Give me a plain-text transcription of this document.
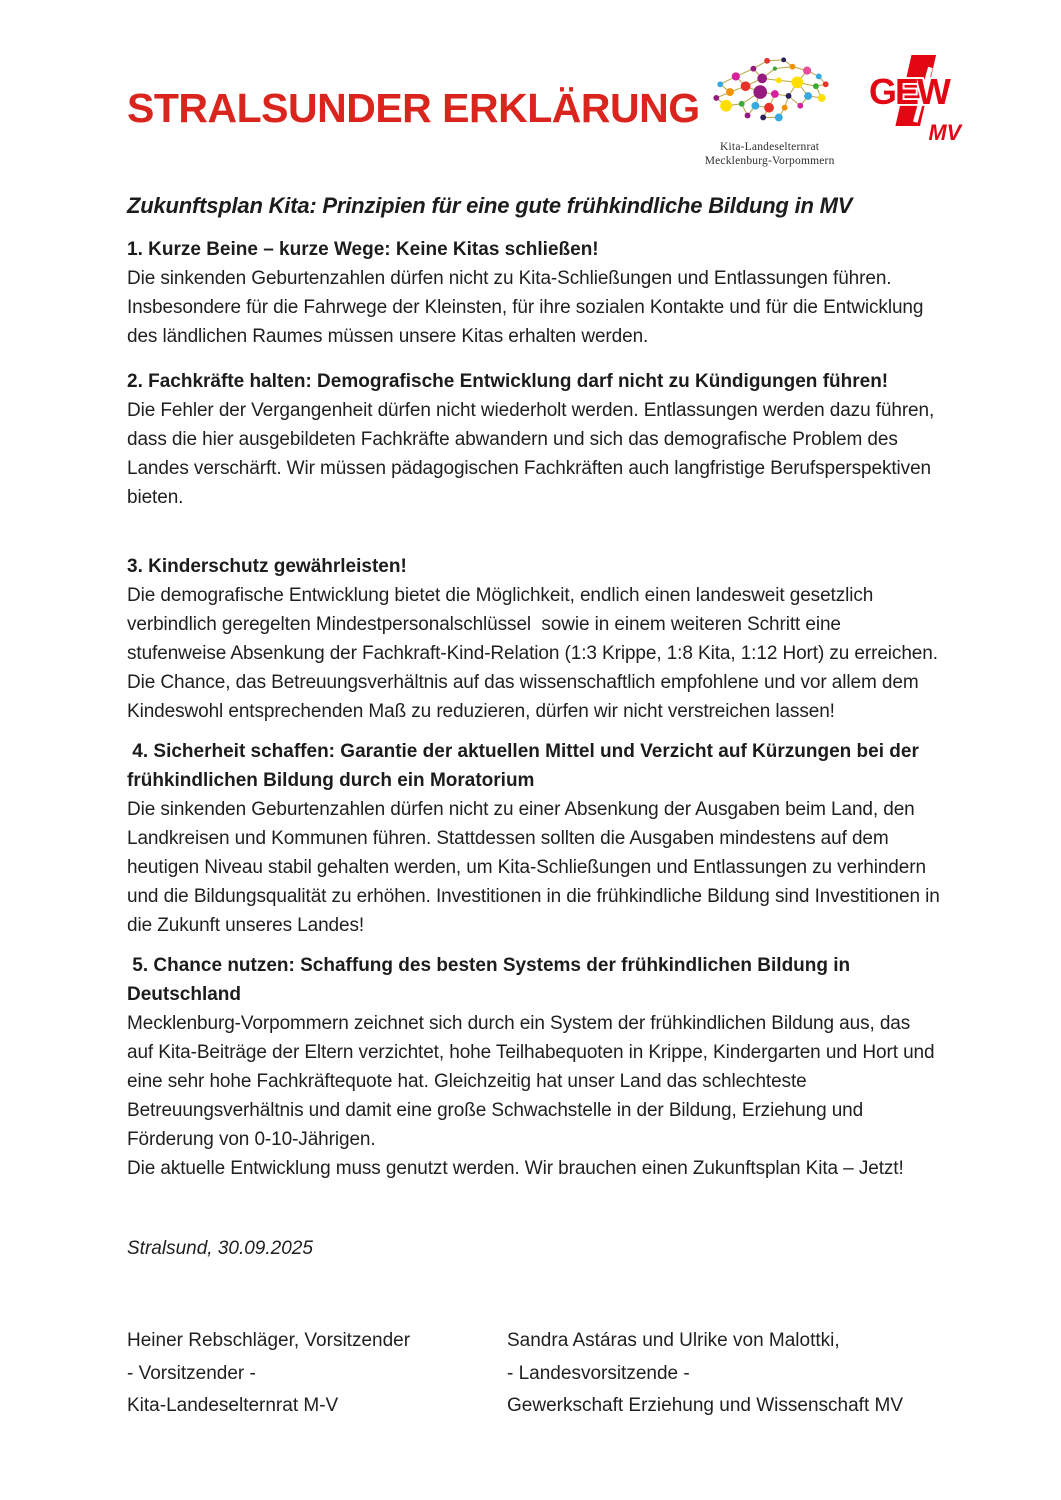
STRALSUNDER ERKLÄRUNG
Kita-Landeselternrat
Mecklenburg-Vorpommern
GEW
MV
Zukunftsplan Kita: Prinzipien für eine gute frühkindliche Bildung in MV
1. Kurze Beine – kurze Wege: Keine Kitas schließen!

Die sinkenden Geburtenzahlen dürfen nicht zu Kita-Schließungen und Entlassungen führen. Insbesondere für die Fahrwege der Kleinsten, für ihre sozialen Kontakte und für die Entwicklung des ländlichen Raumes müssen unsere Kitas erhalten werden.

2. Fachkräfte halten: Demografische Entwicklung darf nicht zu Kündigungen führen!

Die Fehler der Vergangenheit dürfen nicht wiederholt werden. Entlassungen werden dazu führen, dass die hier ausgebildeten Fachkräfte abwandern und sich das demografische Problem des Landes verschärft. Wir müssen pädagogischen Fachkräften auch langfristige Berufsperspektiven bieten.

3. Kinderschutz gewährleisten!

Die demografische Entwicklung bietet die Möglichkeit, endlich einen landesweit gesetzlich verbindlich geregelten Mindestpersonalschlüssel  sowie in einem weiteren Schritt eine stufenweise Absenkung der Fachkraft-Kind-Relation (1:3 Krippe, 1:8 Kita, 1:12 Hort) zu erreichen. Die Chance, das Betreuungsverhältnis auf das wissenschaftlich empfohlene und vor allem dem Kindeswohl entsprechenden Maß zu reduzieren, dürfen wir nicht verstreichen lassen!

4. Sicherheit schaffen: Garantie der aktuellen Mittel und Verzicht auf Kürzungen bei der frühkindlichen Bildung durch ein Moratorium

Die sinkenden Geburtenzahlen dürfen nicht zu einer Absenkung der Ausgaben beim Land, den Landkreisen und Kommunen führen. Stattdessen sollten die Ausgaben mindestens auf dem heutigen Niveau stabil gehalten werden, um Kita-Schließungen und Entlassungen zu verhindern und die Bildungsqualität zu erhöhen. Investitionen in die frühkindliche Bildung sind Investitionen in die Zukunft unseres Landes!

5. Chance nutzen: Schaffung des besten Systems der frühkindlichen Bildung in Deutschland

Mecklenburg-Vorpommern zeichnet sich durch ein System der frühkindlichen Bildung aus, das auf Kita-Beiträge der Eltern verzichtet, hohe Teilhabequoten in Krippe, Kindergarten und Hort und eine sehr hohe Fachkräftequote hat. Gleichzeitig hat unser Land das schlechteste Betreuungsverhältnis und damit eine große Schwachstelle in der Bildung, Erziehung und Förderung von 0-10-Jährigen.

Die aktuelle Entwicklung muss genutzt werden. Wir brauchen einen Zukunftsplan Kita – Jetzt!

Stralsund, 30.09.2025

Heiner Rebschläger, Vorsitzender
- Vorsitzender -
Kita-Landeselternrat M-V
Sandra Astáras und Ulrike von Malottki,
- Landesvorsitzende -
Gewerkschaft Erziehung und Wissenschaft MV
